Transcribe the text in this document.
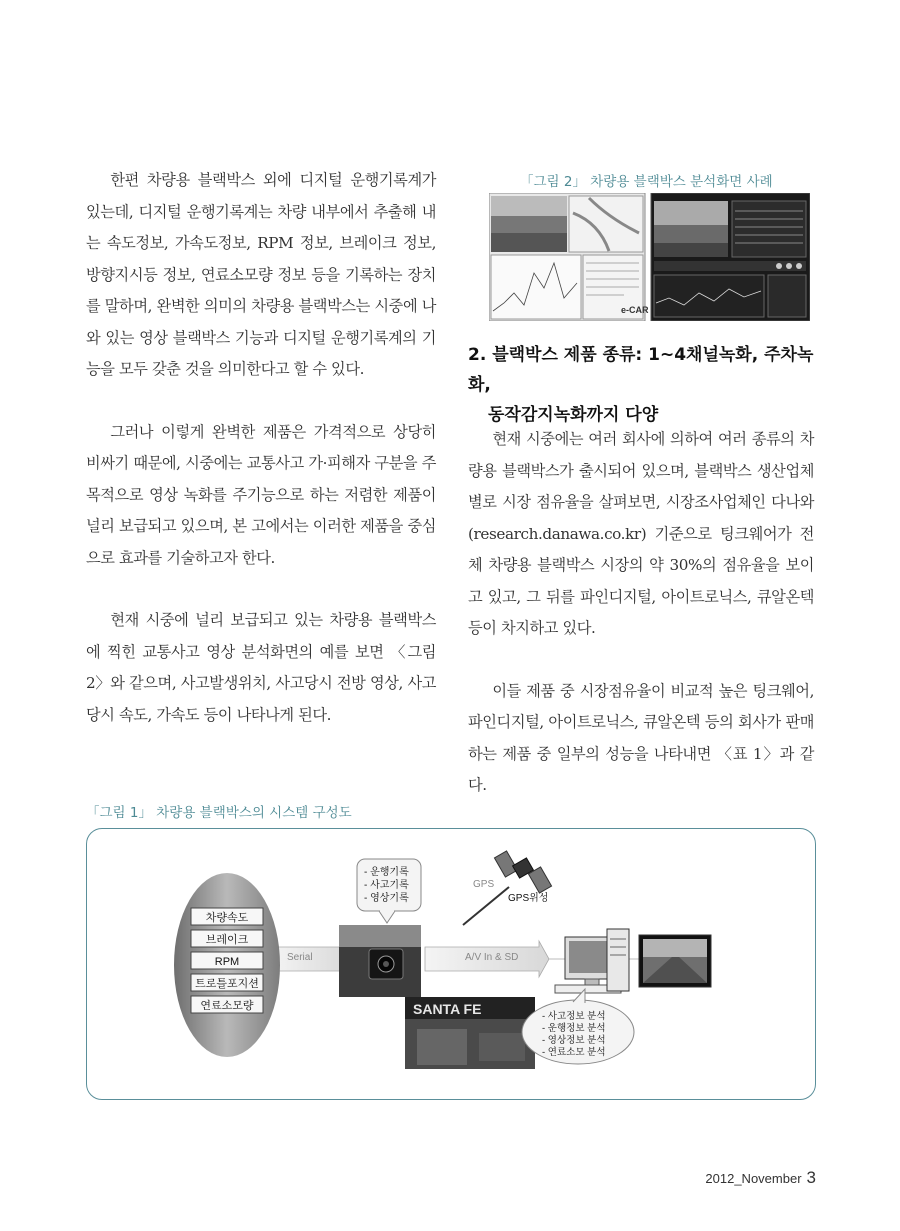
한편 차량용 블랙박스 외에 디지털 운행기록계가 있는데, 디지털 운행기록계는 차량 내부에서 추출해 내는 속도정보, 가속도정보, RPM 정보, 브레이크 정보, 방향지시등 정보, 연료소모량 정보 등을 기록하는 장치를 말하며, 완벽한 의미의 차량용 블랙박스는 시중에 나와 있는 영상 블랙박스 기능과 디지털 운행기록계의 기능을 모두 갖춘 것을 의미한다고 할 수 있다.

그러나 이렇게 완벽한 제품은 가격적으로 상당히 비싸기 때문에, 시중에는 교통사고 가·피해자 구분을 주목적으로 영상 녹화를 주기능으로 하는 저렴한 제품이 널리 보급되고 있으며, 본 고에서는 이러한 제품을 중심으로 효과를 기술하고자 한다.

현재 시중에 널리 보급되고 있는 차량용 블랙박스에 찍힌 교통사고 영상 분석화면의 예를 보면 〈그림 2〉와 같으며, 사고발생위치, 사고당시 전방 영상, 사고당시 속도, 가속도 등이 나타나게 된다.

「그림 2」 차량용 블랙박스 분석화면 사례
e-CAR
2. 블랙박스 제품 종류: 1~4채널녹화, 주차녹화,
동작감지녹화까지 다양

현재 시중에는 여러 회사에 의하여 여러 종류의 차량용 블랙박스가 출시되어 있으며, 블랙박스 생산업체 별로 시장 점유율을 살펴보면, 시장조사업체인 다나와(research.danawa.co.kr) 기준으로 팅크웨어가 전체 차량용 블랙박스 시장의 약 30%의 점유율을 보이고 있고, 그 뒤를 파인디지털, 아이트로닉스, 큐알온텍 등이 차지하고 있다.

이들 제품 중 시장점유율이 비교적 높은 팅크웨어, 파인디지털, 아이트로닉스, 큐알온텍 등의 회사가 판매하는 제품 중 일부의 성능을 나타내면 〈표 1〉과 같다.

「그림 1」 차량용 블랙박스의 시스템 구성도
Serial	A/V In & SD
차량속도
브레이크
RPM
트로틀포지션
연료소모량
- 운행기록
- 사고기록
- 영상기록
SANTA FE
GPS
GPS위성
- 사고정보 분석
- 운행정보 분석
- 영상정보 분석
- 연료소모 분석
2012_November 3
